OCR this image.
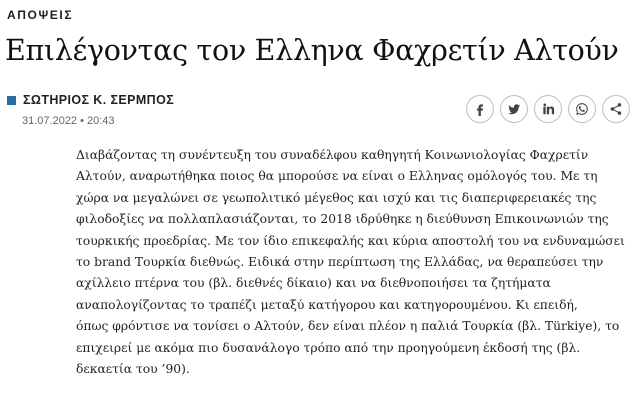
ΑΠΟΨΕΙΣ
Επιλέγοντας τον Ελληνα Φαχρετίν Αλτούν
ΣΩΤΗΡΙΟΣ Κ. ΣΕΡΜΠΟΣ
31.07.2022 • 20:43

Διαβάζοντας τη συνέντευξη του συναδέλφου καθηγητή Κοινωνιολογίας Φαχρετίν
Αλτούν, αναρωτήθηκα ποιος θα μπορούσε να είναι ο Ελληνας ομόλογός του. Με τη
χώρα να μεγαλώνει σε γεωπολιτικό μέγεθος και ισχύ και τις διαπεριφερειακές της
φιλοδοξίες να πολλαπλασιάζονται, το 2018 ιδρύθηκε η διεύθυνση Επικοινωνιών της
τουρκικής προεδρίας. Με τον ίδιο επικεφαλής και κύρια αποστολή του να ενδυναμώσει
το brand Τουρκία διεθνώς. Ειδικά στην περίπτωση της Ελλάδας, να θεραπεύσει την
αχίλλειο πτέρνα του (βλ. διεθνές δίκαιο) και να διεθνοποιήσει τα ζητήματα
αναπολογίζοντας το τραπέζι μεταξύ κατήγορου και κατηγορουμένου. Κι επειδή,
όπως φρόντισε να τονίσει ο Αλτούν, δεν είναι πλέον η παλιά Τουρκία (βλ. Türkiye), το
επιχειρεί με ακόμα πιο δυσανάλογο τρόπο από την προηγούμενη έκδοσή της (βλ.
δεκαετία του ’90).
